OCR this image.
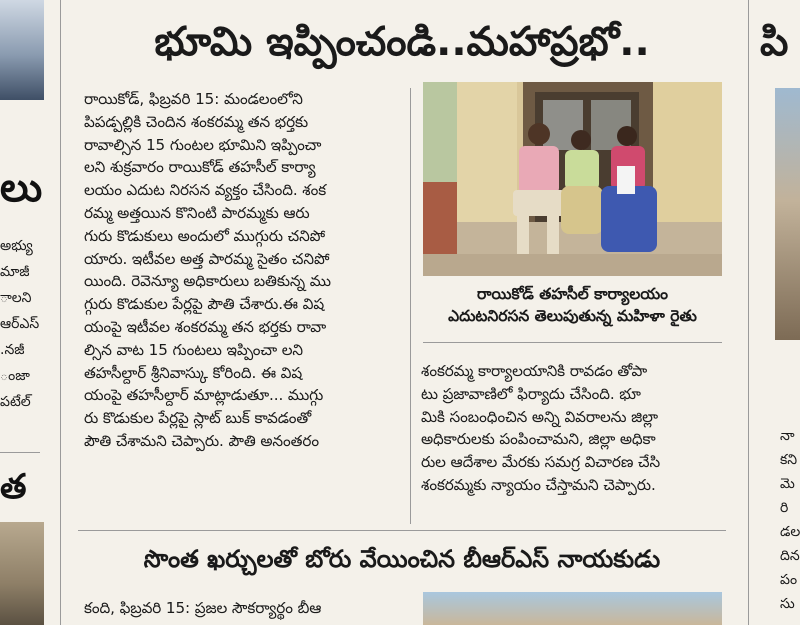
లు
అభ్యు
మాజీ
ాలని
ఆర్ఎస్
.నజీ
ంజా
పటేల్
త
భూమి ఇప్పించండి..మహాప్రభో..
రాయికోడ్, ఫిబ్రవరి 15: మండలంలోని
పిపడ్పల్లికి చెందిన శంకరమ్మ తన భర్తకు
రావాల్సిన 15 గుంటల భూమిని ఇప్పించా
లని శుక్రవారం రాయికోడ్ తహసీల్ కార్యా
లయం ఎదుట నిరసన వ్యక్తం చేసింది. శంక
రమ్మ అత్తయిన కొనింటి పారమ్మకు ఆరు
గురు కొడుకులు అందులో ముగ్గురు చనిపో
యారు. ఇటీవల అత్త పారమ్మ సైతం చనిపో
యింది. రెవెన్యూ అధికారులు బతికున్న ము
గ్గురు కొడుకుల పేర్లపై పౌతి చేశారు.ఈ విష
యంపై ఇటీవల శంకరమ్మ తన భర్తకు రావా
ల్సిన వాట 15 గుంటలు ఇప్పించా లని
తహసీల్దార్ శ్రీనివాస్కు కోరింది. ఈ విష
యంపై తహసీల్దార్ మాట్లాడుతూ... ముగ్గు
రు కొడుకుల పేర్లపై స్లాట్ బుక్ కావడంతో
పౌతి చేశామని చెప్పారు. పౌతి అనంతరం
రాయికోడ్ తహసీల్ కార్యాలయం
ఎదుటనిరసన తెలుపుతున్న మహిళా రైతు
శంకరమ్మ కార్యాలయానికి రావడం తోపా
టు ప్రజావాణిలో ఫిర్యాదు చేసింది. భూ
మికి సంబంధించిన అన్ని వివరాలను జిల్లా
అధికారులకు పంపించామని, జిల్లా అధికా
రుల ఆదేశాల మేరకు సమగ్ర విచారణ చేసి
శంకరమ్మకు న్యాయం చేస్తామని చెప్పారు.
సొంత ఖర్చులతో బోరు వేయించిన బీఆర్ఎస్ నాయకుడు
కంది, ఫిబ్రవరి 15: ప్రజల సౌకర్యార్థం బీఆ
పి
నా
కని
మె
రి
డల
దిన
పం
సు
